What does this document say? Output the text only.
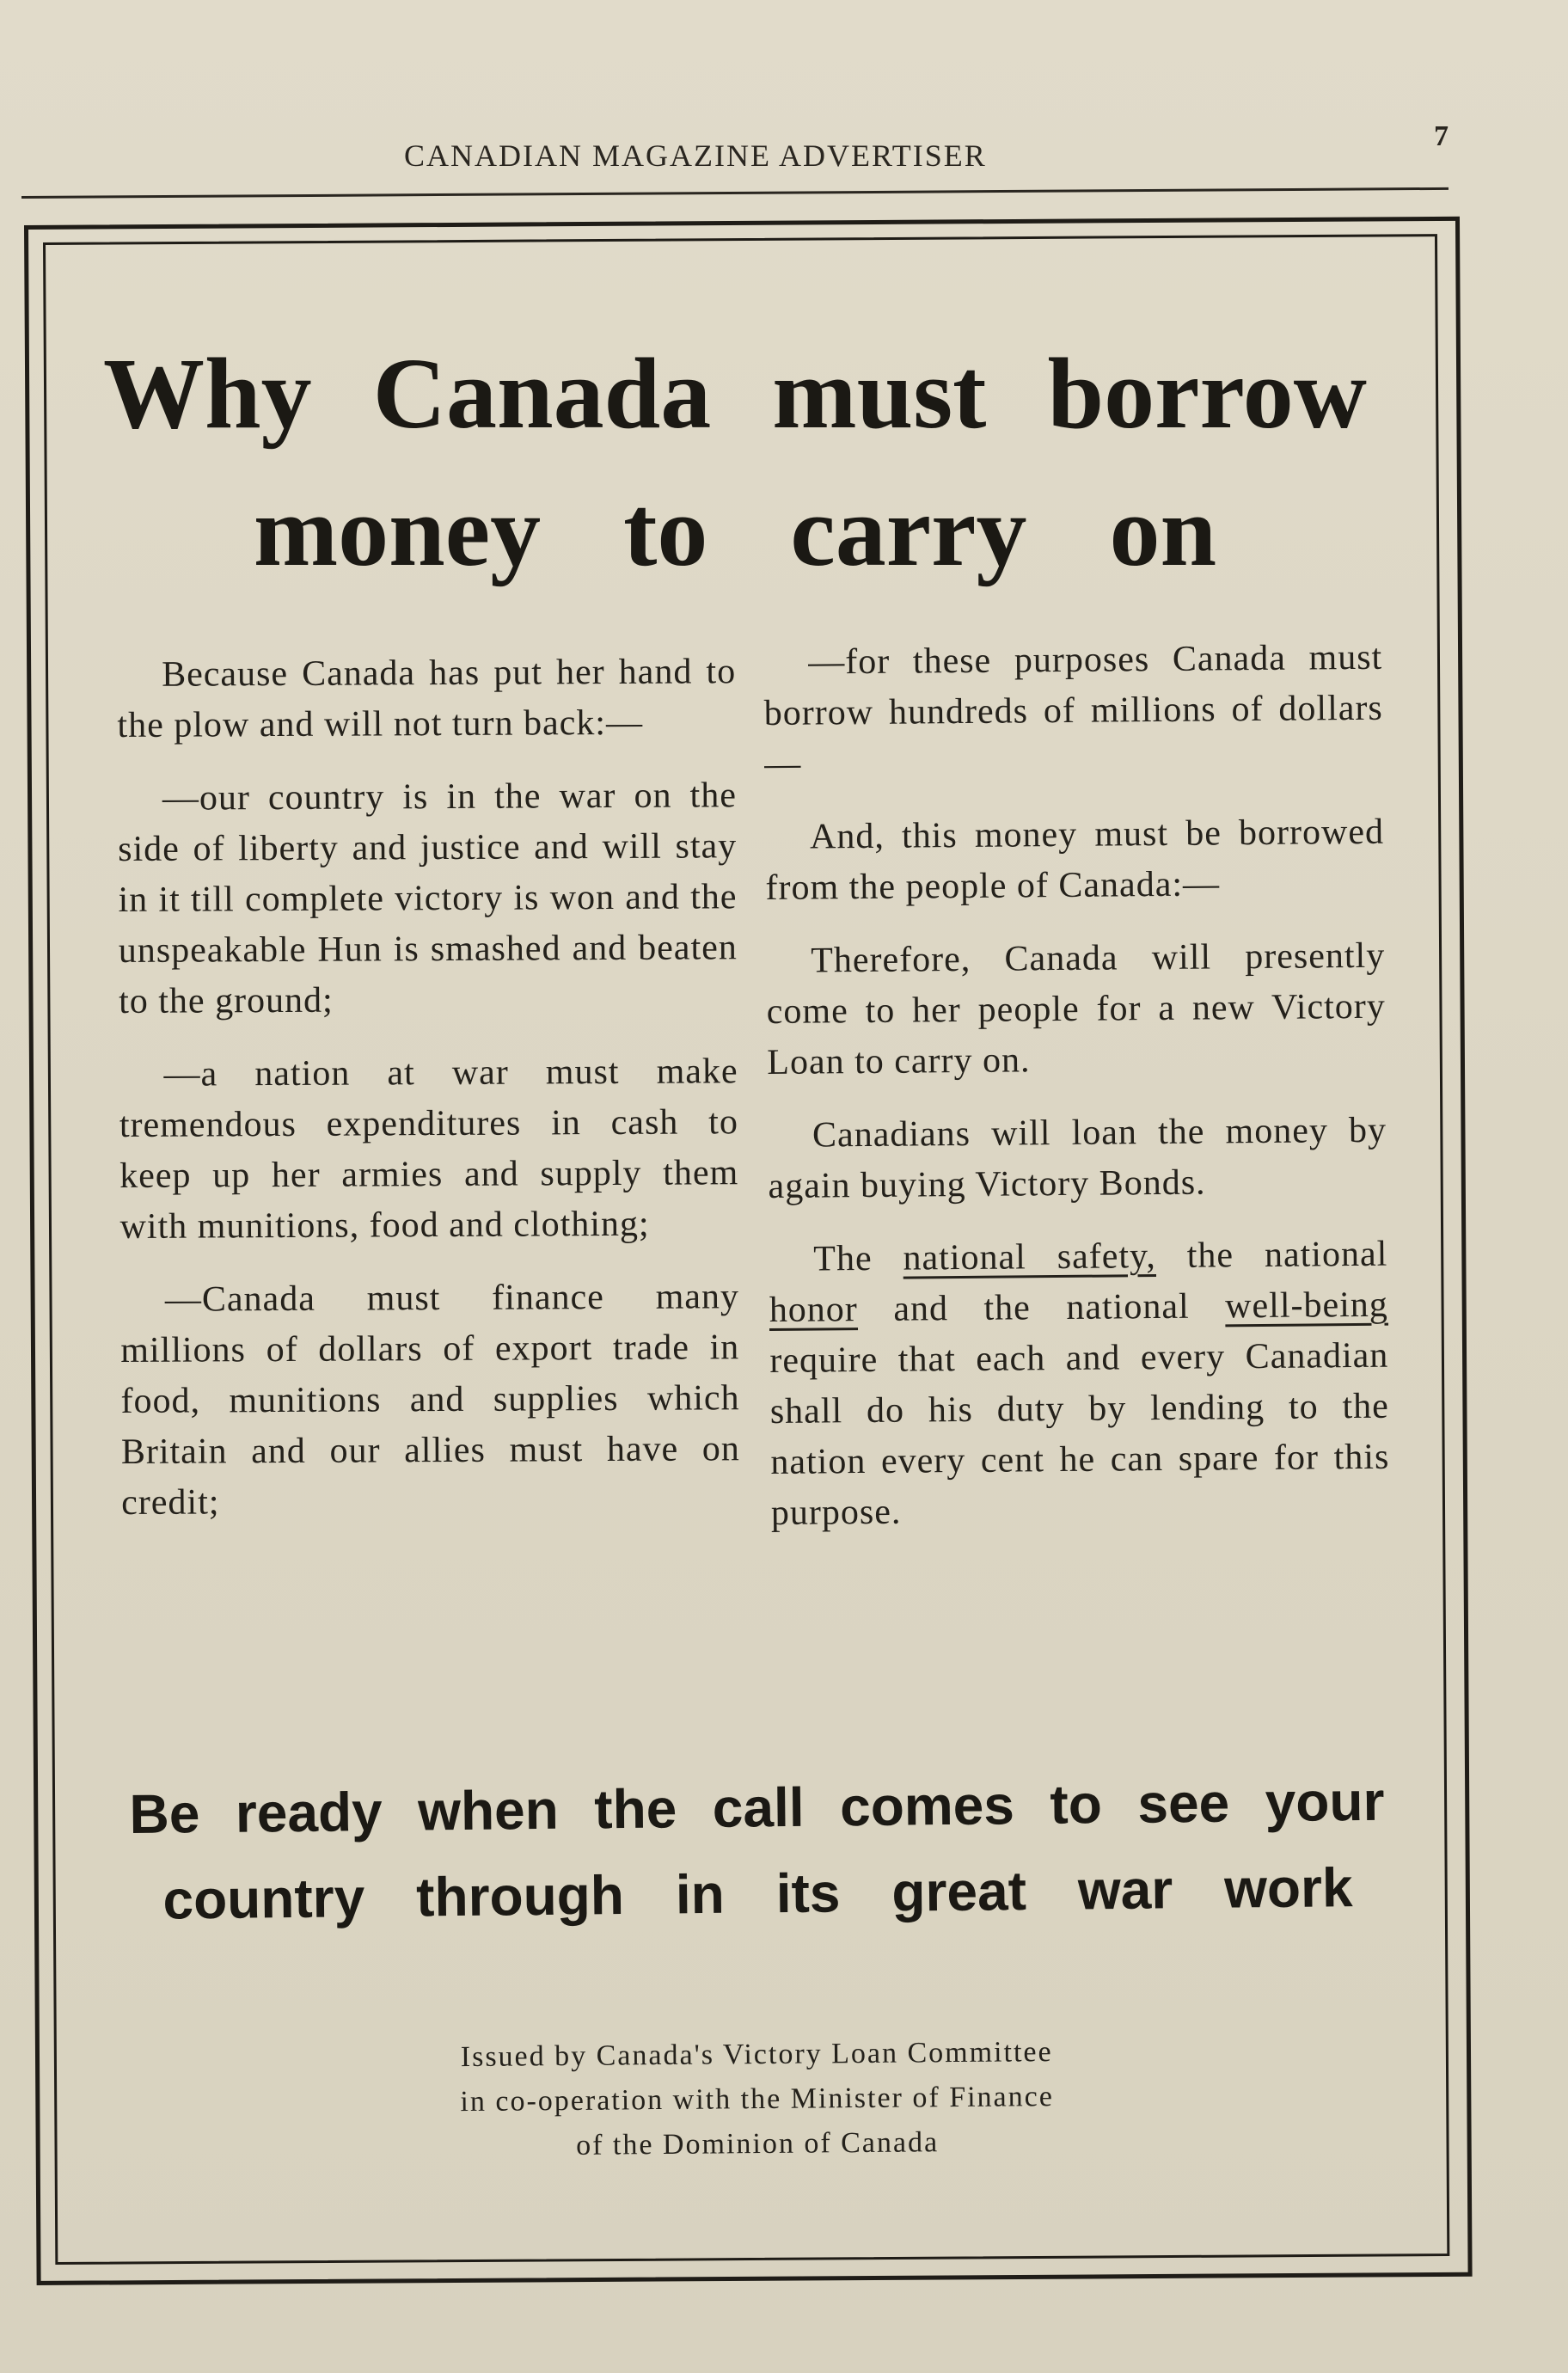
CANADIAN MAGAZINE ADVERTISER
7
Why Canada must borrow
money to carry on

Because Canada has put her hand to the plow and will not turn back:—

—our country is in the war on the side of liberty and justice and will stay in it till complete victory is won and the unspeakable Hun is smashed and beaten to the ground;

—a nation at war must make tremendous expenditures in cash to keep up her armies and supply them with munitions, food and clothing;

—Canada must finance many millions of dollars of export trade in food, munitions and supplies which Britain and our allies must have on credit;

—for these purposes Canada must borrow hundreds of millions of dollars—

And, this money must be borrowed from the people of Canada:—

Therefore, Canada will presently come to her people for a new Victory Loan to carry on.

Canadians will loan the money by again buying Victory Bonds.

The national safety, the national honor and the national well-being require that each and every Canadian shall do his duty by lending to the nation every cent he can spare for this purpose.

Be ready when the call comes to see your
country through in its great war work
Issued by Canada's Victory Loan Committee
in co-operation with the Minister of Finance
of the Dominion of Canada
